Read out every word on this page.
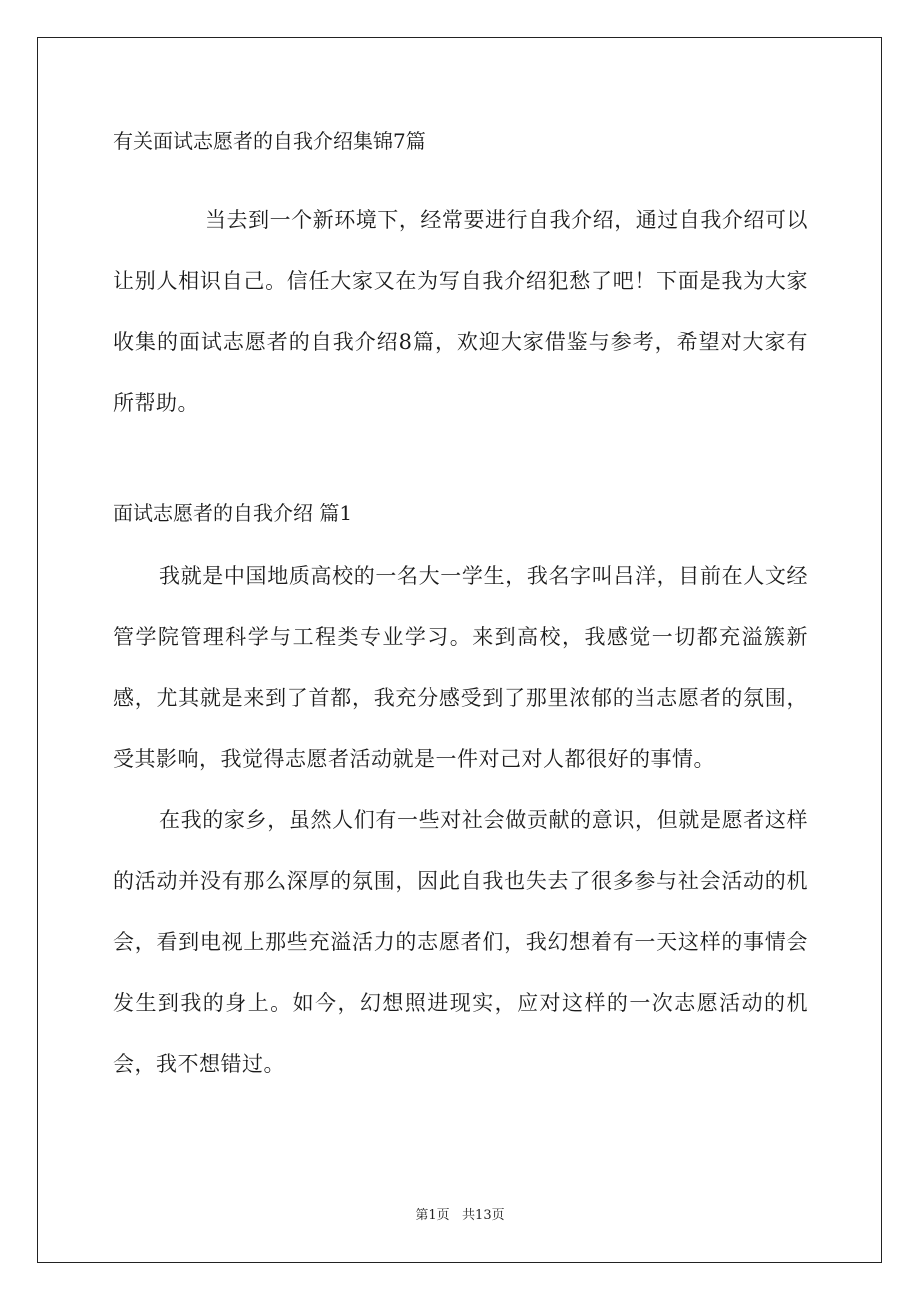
有关面试志愿者的自我介绍集锦7篇

当去到一个新环境下，经常要进行自我介绍，通过自我介绍可以让别人相识自己。信任大家又在为写自我介绍犯愁了吧！下面是我为大家收集的面试志愿者的自我介绍8篇，欢迎大家借鉴与参考，希望对大家有所帮助。

面试志愿者的自我介绍 篇1

我就是中国地质高校的一名大一学生，我名字叫吕洋，目前在人文经管学院管理科学与工程类专业学习。来到高校，我感觉一切都充溢簇新感，尤其就是来到了首都，我充分感受到了那里浓郁的当志愿者的氛围，受其影响，我觉得志愿者活动就是一件对己对人都很好的事情。

在我的家乡，虽然人们有一些对社会做贡献的意识，但就是愿者这样的活动并没有那么深厚的氛围，因此自我也失去了很多参与社会活动的机会，看到电视上那些充溢活力的志愿者们，我幻想着有一天这样的事情会发生到我的身上。如今，幻想照进现实，应对这样的一次志愿活动的机会，我不想错过。

第1页   共13页
